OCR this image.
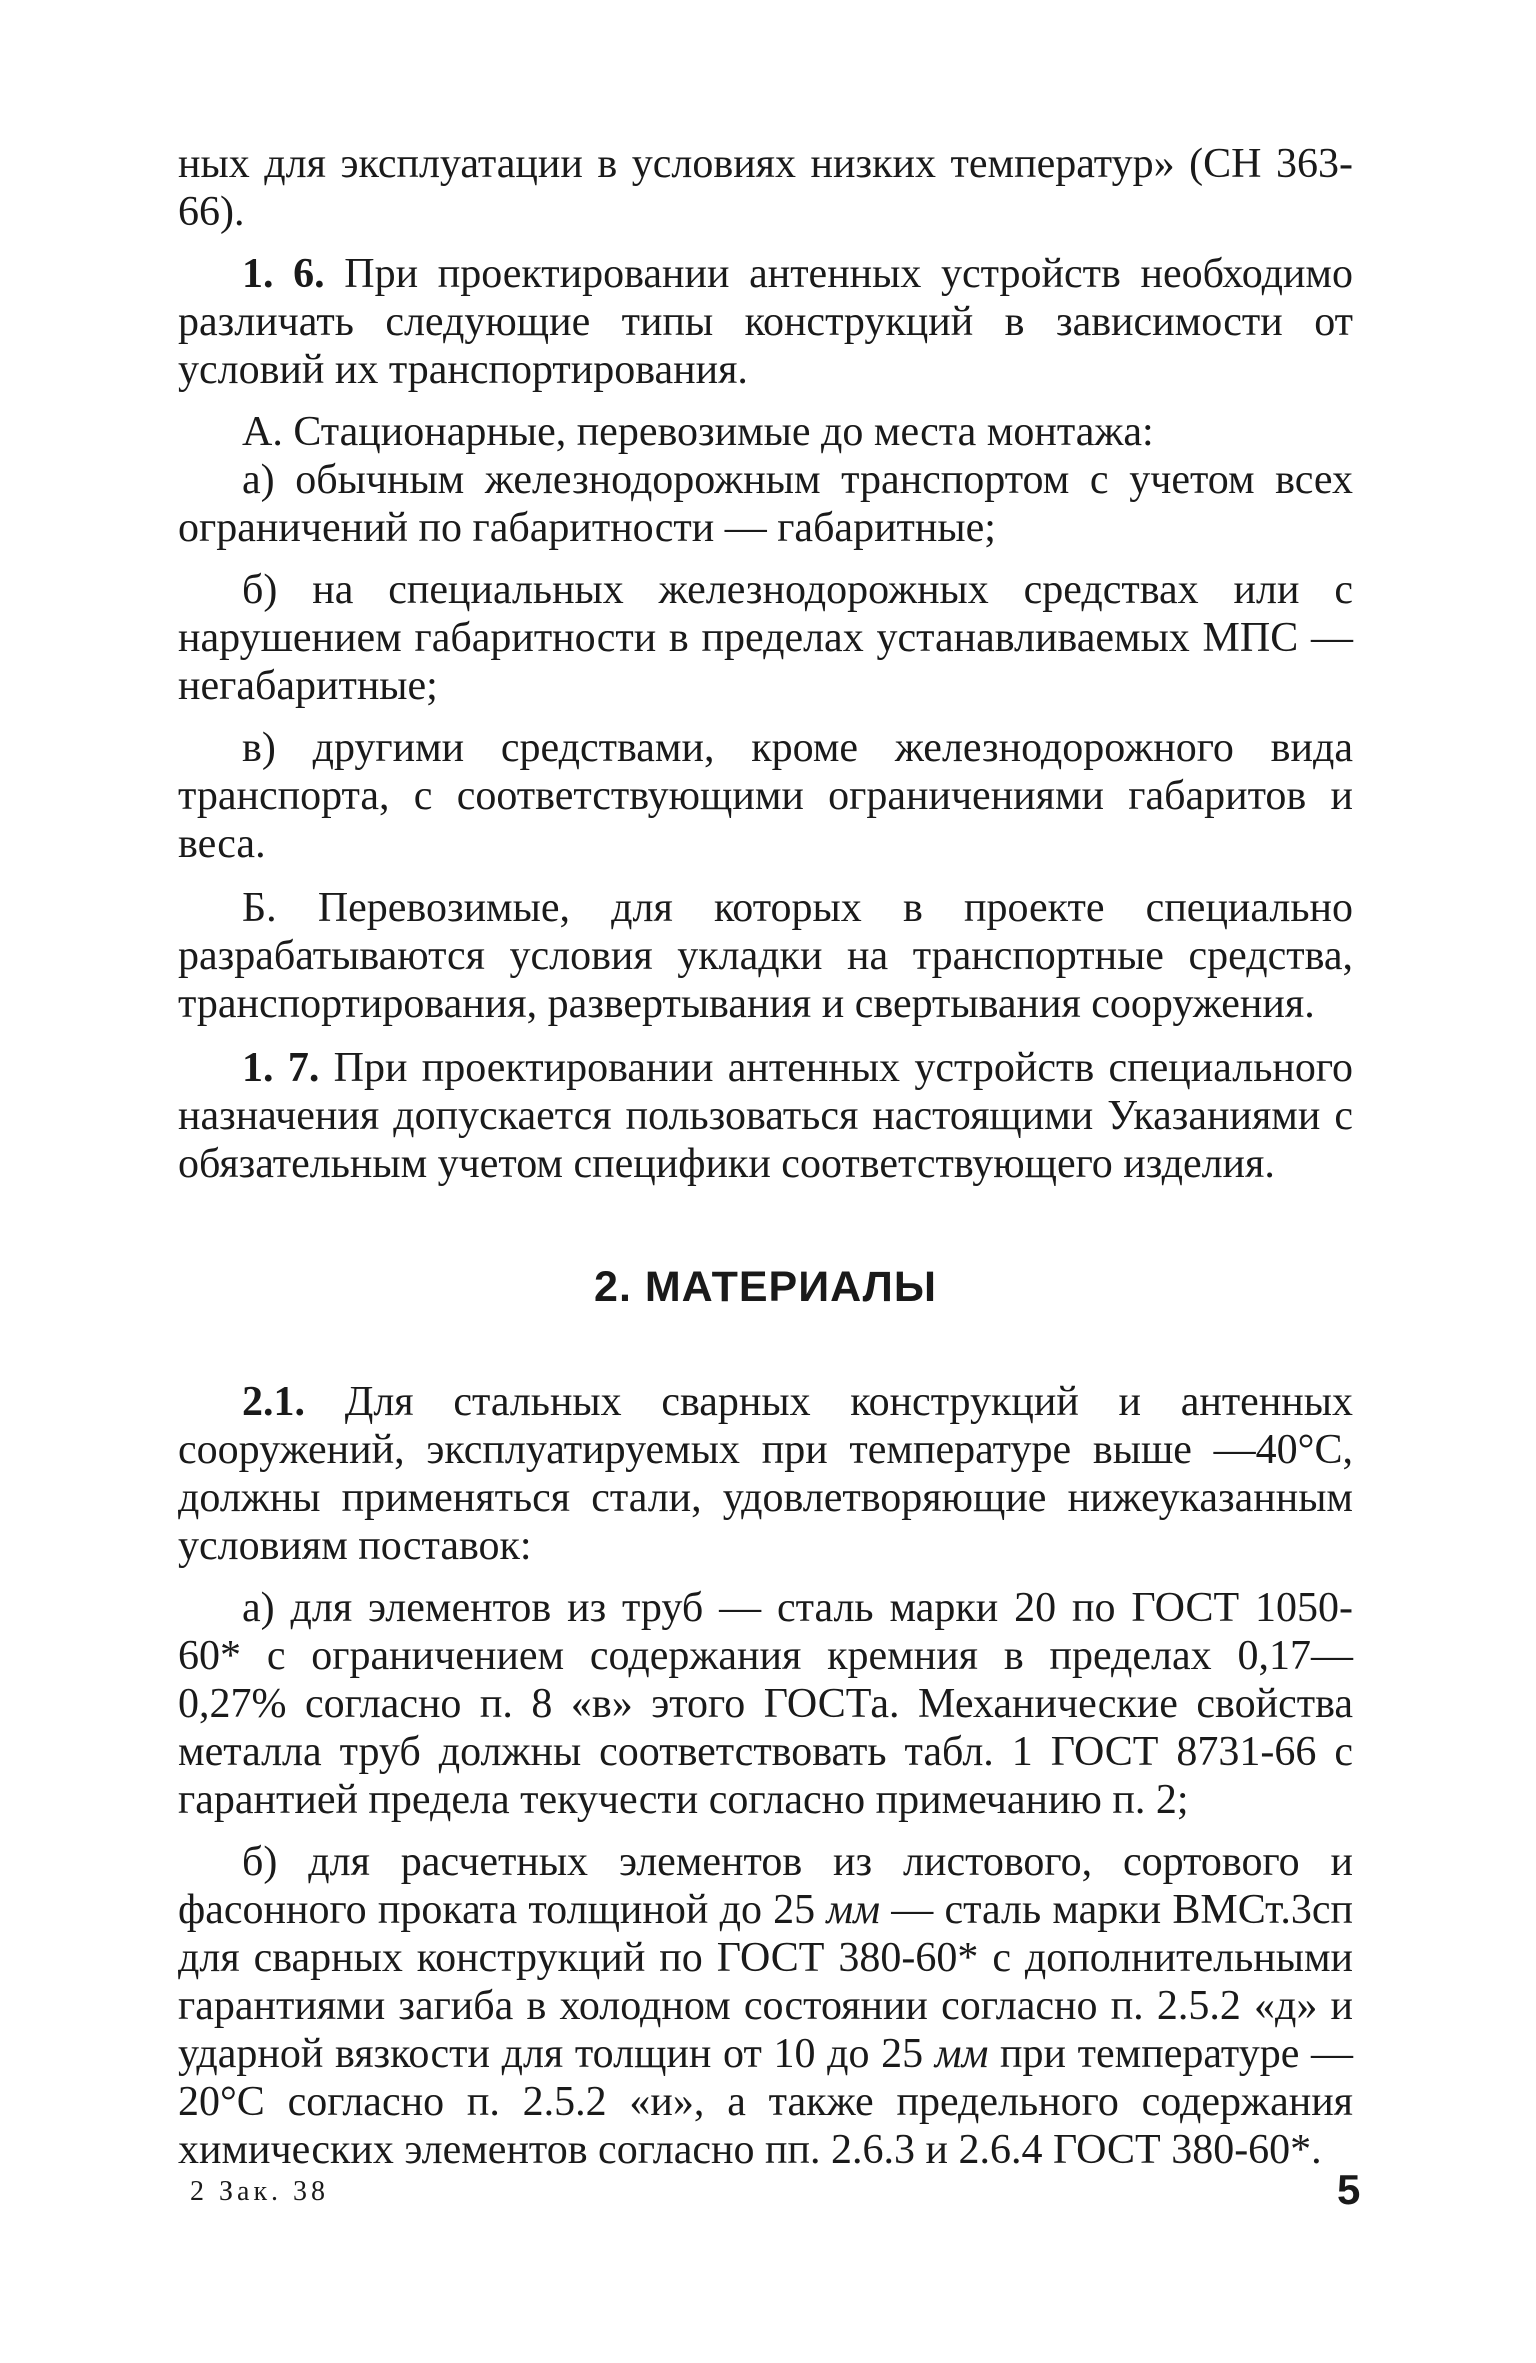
ных для эксплуатации в условиях низких температур» (СН 363-66).

1. 6. При проектировании антенных устройств необходимо различать следующие типы конструкций в зависимости от условий их транспортирования.

А. Стационарные, перевозимые до места монтажа:

а) обычным железнодорожным транспортом с учетом всех ограничений по габаритности — габаритные;

б) на специальных железнодорожных средствах или с нарушением габаритности в пределах устанавливаемых МПС — негабаритные;

в) другими средствами, кроме железнодорожного вида транспорта, с соответствующими ограничениями габаритов и веса.

Б. Перевозимые, для которых в проекте специально разрабатываются условия укладки на транспортные средства, транспортирования, развертывания и свертывания сооружения.

1. 7. При проектировании антенных устройств специального назначения допускается пользоваться настоящими Указаниями с обязательным учетом специфики соответствующего изделия.

2. МАТЕРИАЛЫ

2.1. Для стальных сварных конструкций и антенных сооружений, эксплуатируемых при температуре выше —40°С, должны применяться стали, удовлетворяющие нижеуказанным условиям поставок:

а) для элементов из труб — сталь марки 20 по ГОСТ 1050-60* с ограничением содержания кремния в пределах 0,17—0,27% согласно п. 8 «в» этого ГОСТа. Механические свойства металла труб должны соответствовать табл. 1 ГОСТ 8731-66 с гарантией предела текучести согласно примечанию п. 2;

б) для расчетных элементов из листового, сортового и фасонного проката толщиной до 25 мм — сталь марки ВМСт.3сп для сварных конструкций по ГОСТ 380-60* с дополнительными гарантиями загиба в холодном состоянии согласно п. 2.5.2 «д» и ударной вязкости для толщин от 10 до 25 мм при температуре —20°С согласно п. 2.5.2 «и», а также предельного содержания химических элементов согласно пп. 2.6.3 и 2.6.4 ГОСТ 380-60*.

2 Зак. 38	5
